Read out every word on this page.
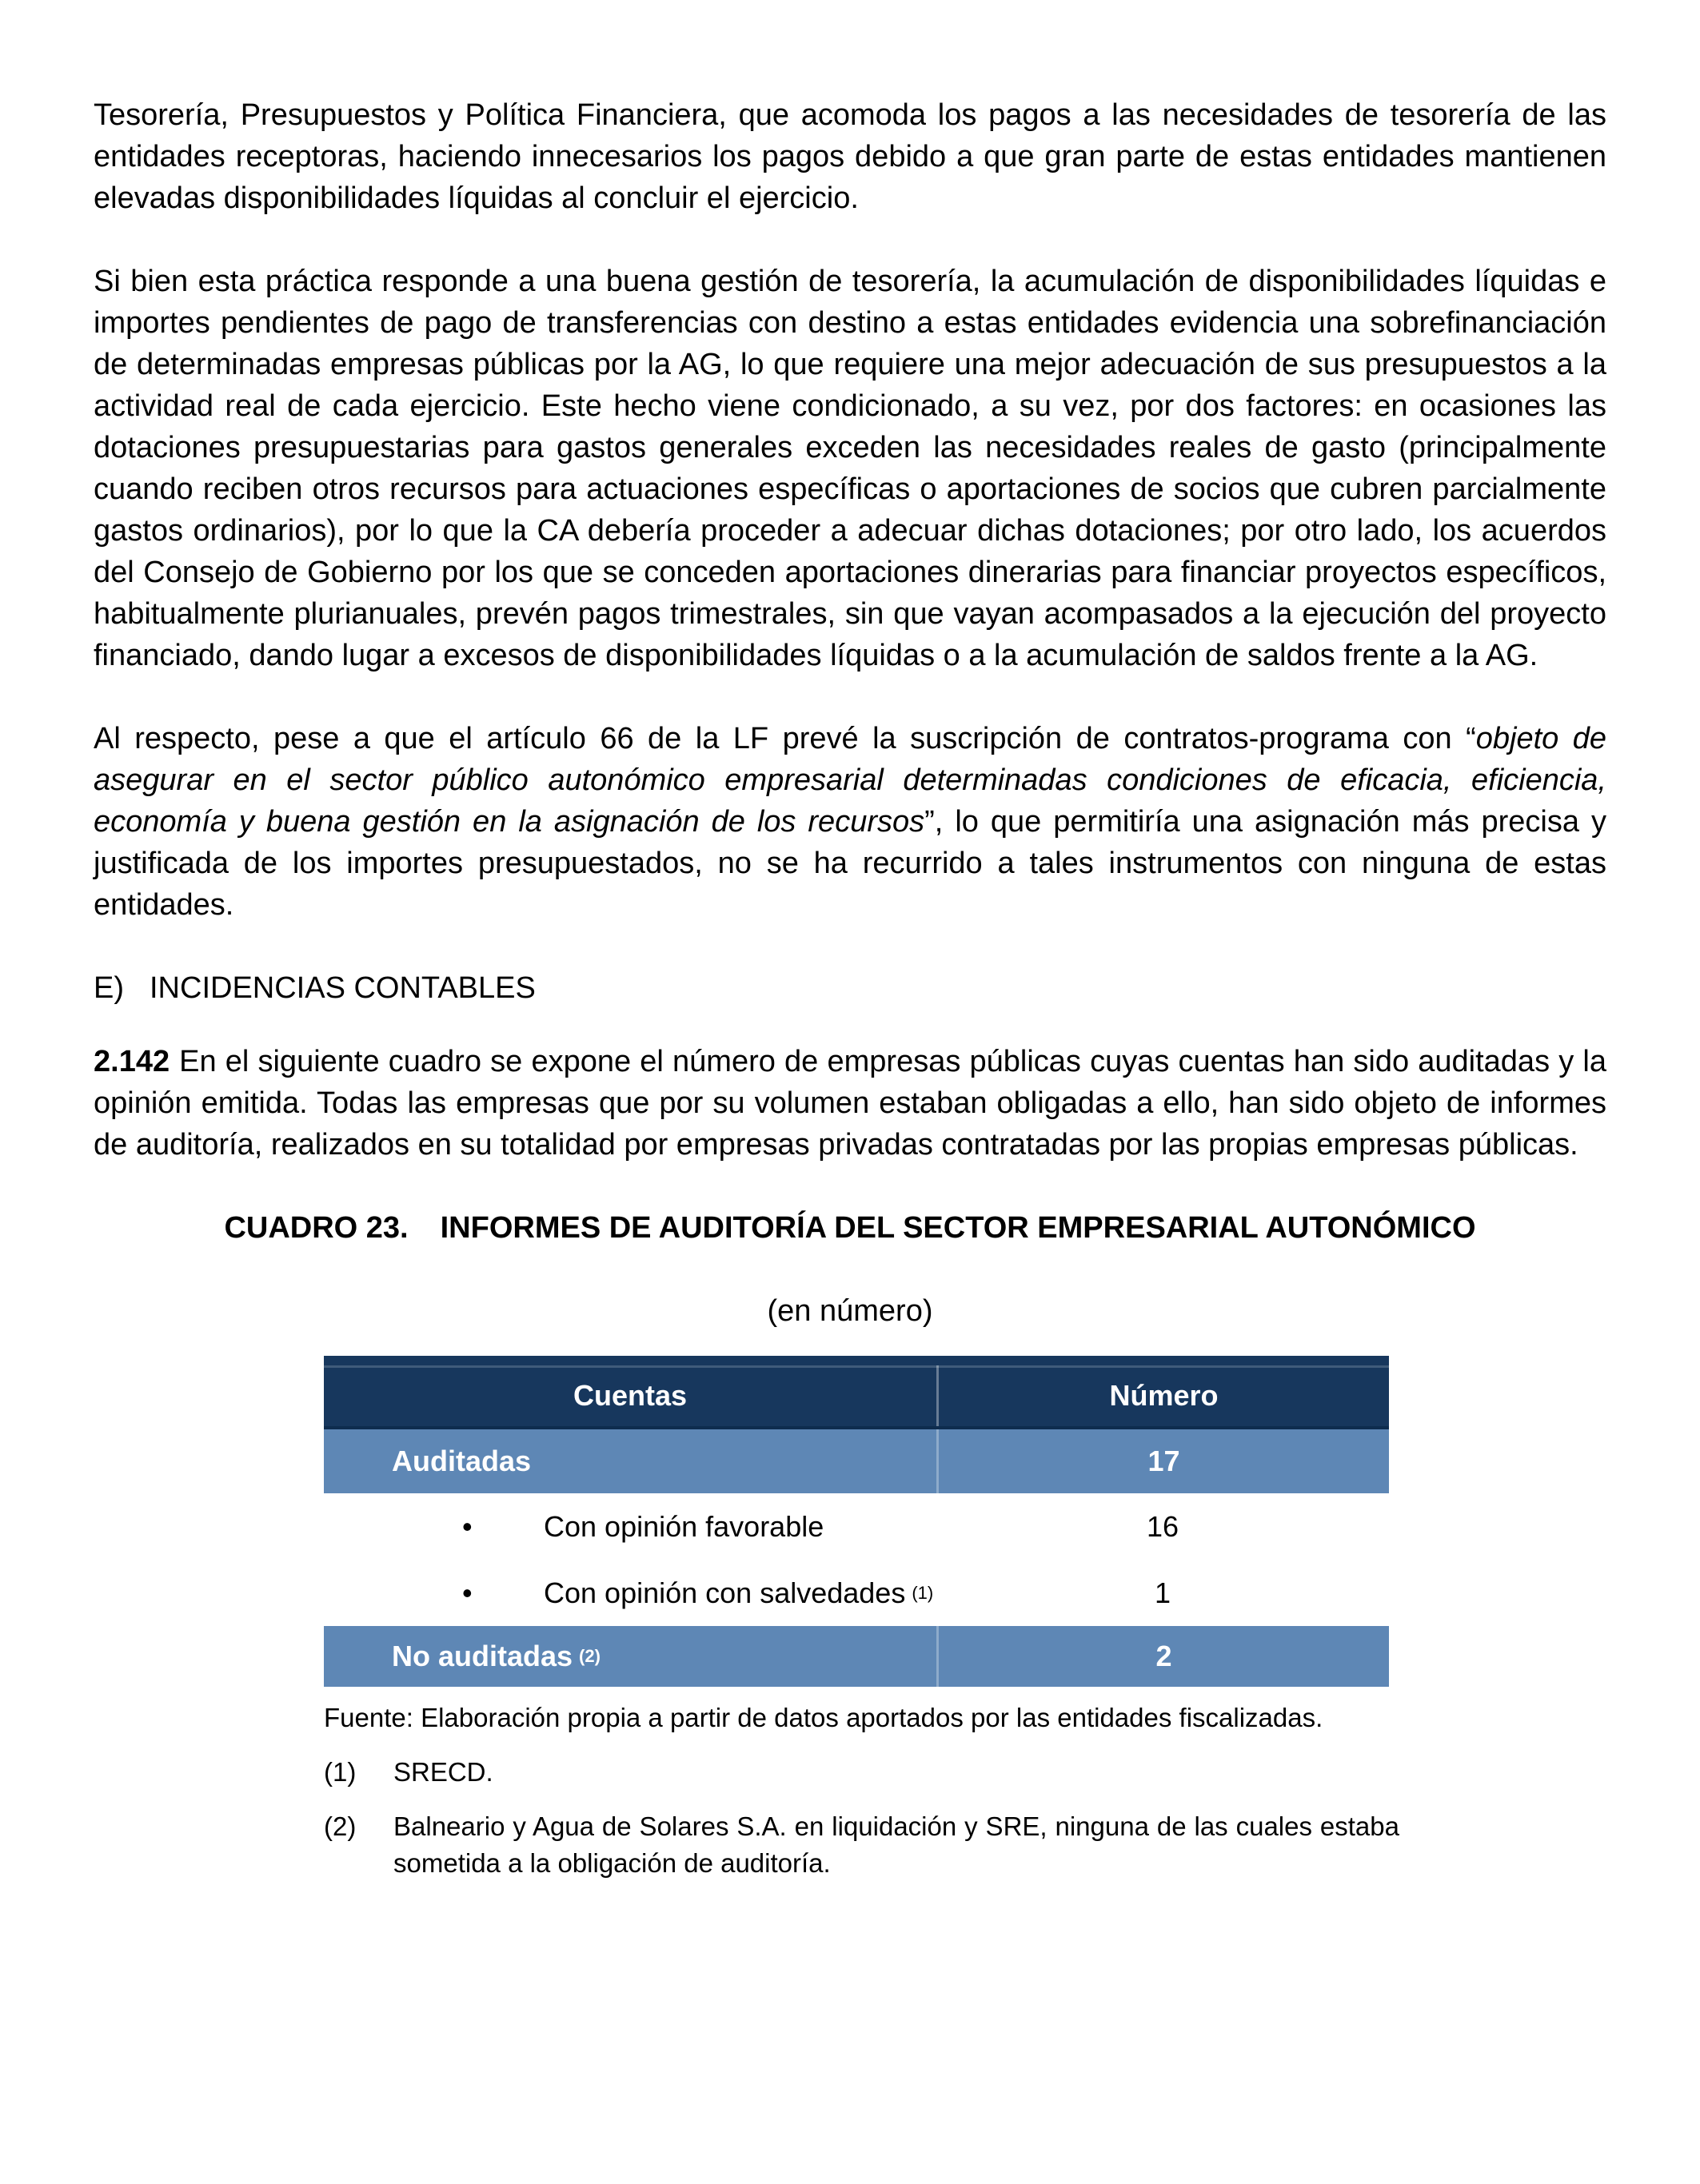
Tesorería, Presupuestos y Política Financiera, que acomoda los pagos a las necesidades de tesorería de las entidades receptoras, haciendo innecesarios los pagos debido a que gran parte de estas entidades mantienen elevadas disponibilidades líquidas al concluir el ejercicio.

Si bien esta práctica responde a una buena gestión de tesorería, la acumulación de disponibilidades líquidas e importes pendientes de pago de transferencias con destino a estas entidades evidencia una sobrefinanciación de determinadas empresas públicas por la AG, lo que requiere una mejor adecuación de sus presupuestos a la actividad real de cada ejercicio. Este hecho viene condicionado, a su vez, por dos factores: en ocasiones las dotaciones presupuestarias para gastos generales exceden las necesidades reales de gasto (principalmente cuando reciben otros recursos para actuaciones específicas o aportaciones de socios que cubren parcialmente gastos ordinarios), por lo que la CA debería proceder a adecuar dichas dotaciones; por otro lado, los acuerdos del Consejo de Gobierno por los que se conceden aportaciones dinerarias para financiar proyectos específicos, habitualmente plurianuales, prevén pagos trimestrales, sin que vayan acompasados a la ejecución del proyecto financiado, dando lugar a excesos de disponibilidades líquidas o a la acumulación de saldos frente a la AG.

Al respecto, pese a que el artículo 66 de la LF prevé la suscripción de contratos-programa con “objeto de asegurar en el sector público autonómico empresarial determinadas condiciones de eficacia, eficiencia, economía y buena gestión en la asignación de los recursos”, lo que permitiría una asignación más precisa y justificada de los importes presupuestados, no se ha recurrido a tales instrumentos con ninguna de estas entidades.

E) INCIDENCIAS CONTABLES

2.142 En el siguiente cuadro se expone el número de empresas públicas cuyas cuentas han sido auditadas y la opinión emitida. Todas las empresas que por su volumen estaban obligadas a ello, han sido objeto de informes de auditoría, realizados en su totalidad por empresas privadas contratadas por las propias empresas públicas.

CUADRO 23. INFORMES DE AUDITORÍA DEL SECTOR EMPRESARIAL AUTONÓMICO

(en número)

Cuentas	Número
Auditadas	17
•	Con opinión favorable	16
•	Con opinión con salvedades (1)	1
No auditadas (2)	2

Fuente: Elaboración propia a partir de datos aportados por las entidades fiscalizadas.

(1)	SRECD.
(2)	Balneario y Agua de Solares S.A. en liquidación y SRE, ninguna de las cuales estaba sometida a la obligación de auditoría.
